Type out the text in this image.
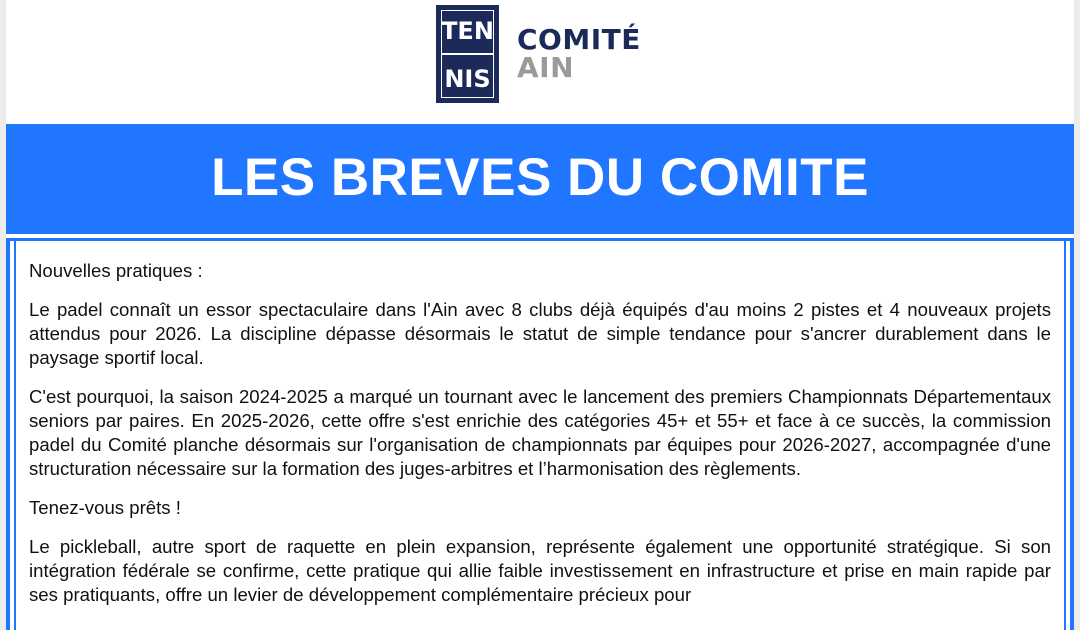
TEN
NIS
COMITÉ
AIN
LES BREVES DU COMITE

Nouvelles pratiques :

Le padel connaît un essor spectaculaire dans l'Ain avec 8 clubs déjà équipés d'au moins 2 pistes et 4 nouveaux projets attendus pour 2026. La discipline dépasse désormais le statut de simple tendance pour s'ancrer durablement dans le paysage sportif local.

C'est pourquoi, la saison 2024-2025 a marqué un tournant avec le lancement des premiers Championnats Départementaux seniors par paires. En 2025-2026, cette offre s'est enrichie des catégories 45+ et 55+ et face à ce succès, la commission padel du Comité planche désormais sur l'organisation de championnats par équipes pour 2026-2027, accompagnée d'une structuration nécessaire sur la formation des juges-arbitres et l’harmonisation des règlements.

Tenez-vous prêts !

Le pickleball, autre sport de raquette en plein expansion, représente également une opportunité stratégique. Si son intégration fédérale se confirme, cette pratique qui allie faible investissement en infrastructure et prise en main rapide par ses pratiquants, offre un levier de développement complémentaire précieux pour
